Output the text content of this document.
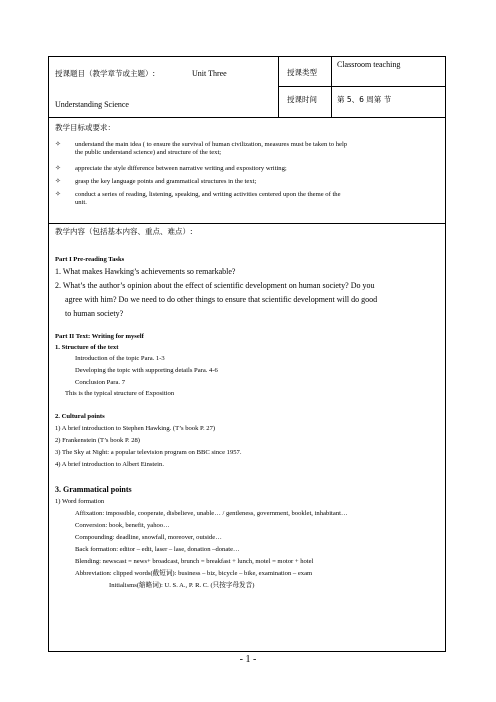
授课题目（教学章节或主题）:	Unit Three
Understanding Science
授课类型
授课时间
Classroom teaching
第 5、6 周第 节
教学目标或要求：
✧ understand the main idea ( to ensure the survival of human civilization, measures must be taken to help
the public understand science) and structure of the text;
✧ appreciate the style difference between narrative writing and expository writing;
✧ grasp the key language points and grammatical structures in the text;
✧ conduct a series of reading, listening, speaking, and writing activities centered upon the theme of the
unit.
教学内容（包括基本内容、重点、难点）:
Part I Pre-reading Tasks
1. What makes Hawking’s achievements so remarkable?
2. What’s the author’s opinion about the effect of scientific development on human society? Do you
agree with him? Do we need to do other things to ensure that scientific development will do good
to human society?
Part II Text: Writing for myself
1. Structure of the text
Introduction of the topic Para. 1-3
Developing the topic with supporting details Para. 4-6
Conclusion Para. 7
This is the typical structure of Exposition
2. Cultural points
1) A brief introduction to Stephen Hawking. (T’s book P. 27)
2) Frankenstein (T’s book P. 28)
3) The Sky at Night: a popular television program on BBC since 1957.
4) A brief introduction to Albert Einstein.
3. Grammatical points
1) Word formation
Affixation: impossible, cooperate, disbelieve, unable… / gentleness, government, booklet, inhabitant…
Conversion: book, benefit, yahoo…
Compounding: deadline, snowfall, moreover, outside…
Back formation: editor – edit, laser – lase, donation –donate…
Blending: newscast = news+ broadcast, brunch = breakfast + lunch, motel = motor + hotel
Abbreviation: clipped words(截短词): business – biz, bicycle – bike, examination – exam
Initialisms(缩略词): U. S. A., P. R. C. (只按字母发音)
- 1 -
